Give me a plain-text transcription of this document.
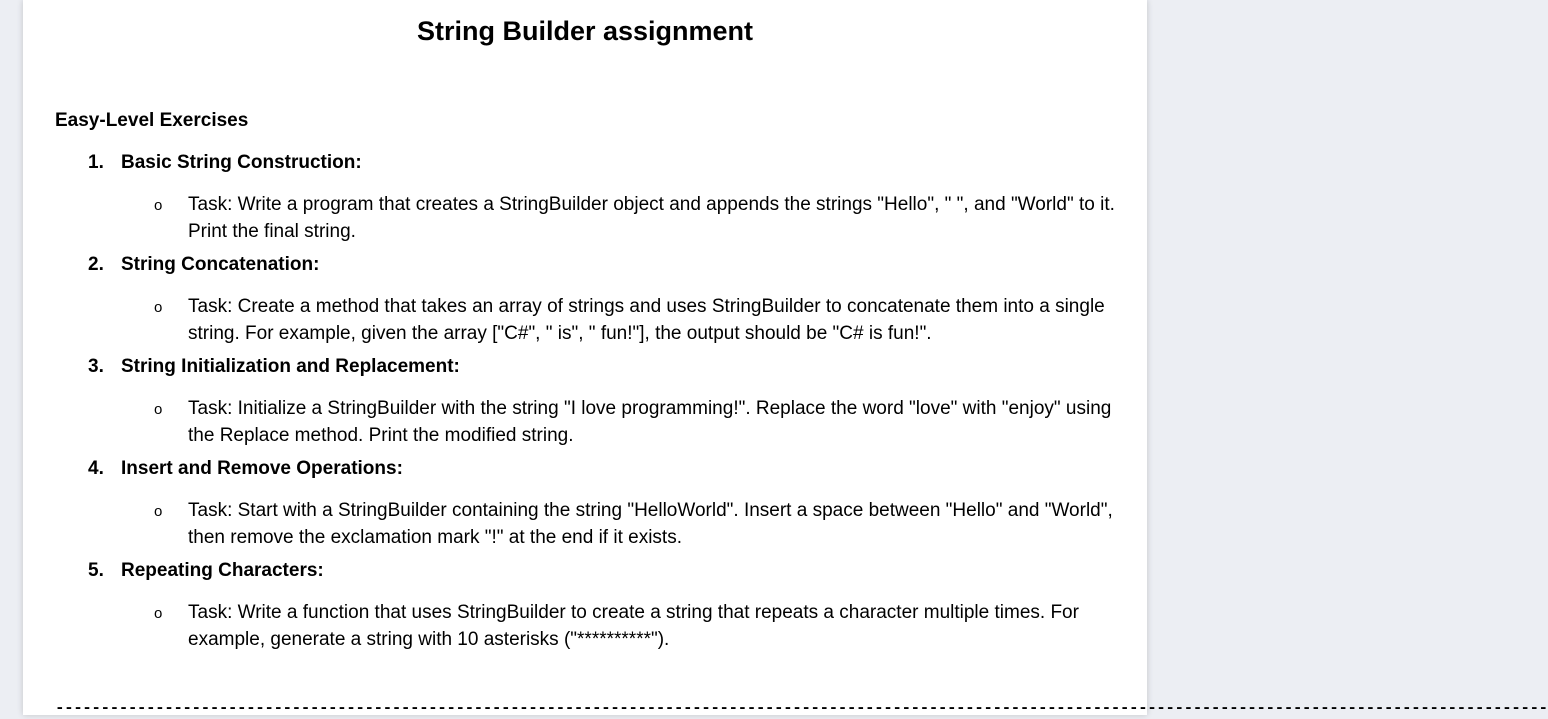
String Builder assignment
Easy-Level Exercises
1. Basic String Construction:
o Task: Write a program that creates a StringBuilder object and appends the strings "Hello", " ", and "World" to it. Print the final string.
2. String Concatenation:
o Task: Create a method that takes an array of strings and uses StringBuilder to concatenate them into a single string. For example, given the array ["C#", " is", " fun!"], the output should be "C# is fun!".
3. String Initialization and Replacement:
o Task: Initialize a StringBuilder with the string "I love programming!". Replace the word "love" with "enjoy" using the Replace method. Print the modified string.
4. Insert and Remove Operations:
o Task: Start with a StringBuilder containing the string "HelloWorld". Insert a space between "Hello" and "World", then remove the exclamation mark "!" at the end if it exists.
5. Repeating Characters:
o Task: Write a function that uses StringBuilder to create a string that repeats a character multiple times. For example, generate a string with 10 asterisks ("**********").
--------------------------------------------------------------------------------------------------------------------------------------------------------------------
